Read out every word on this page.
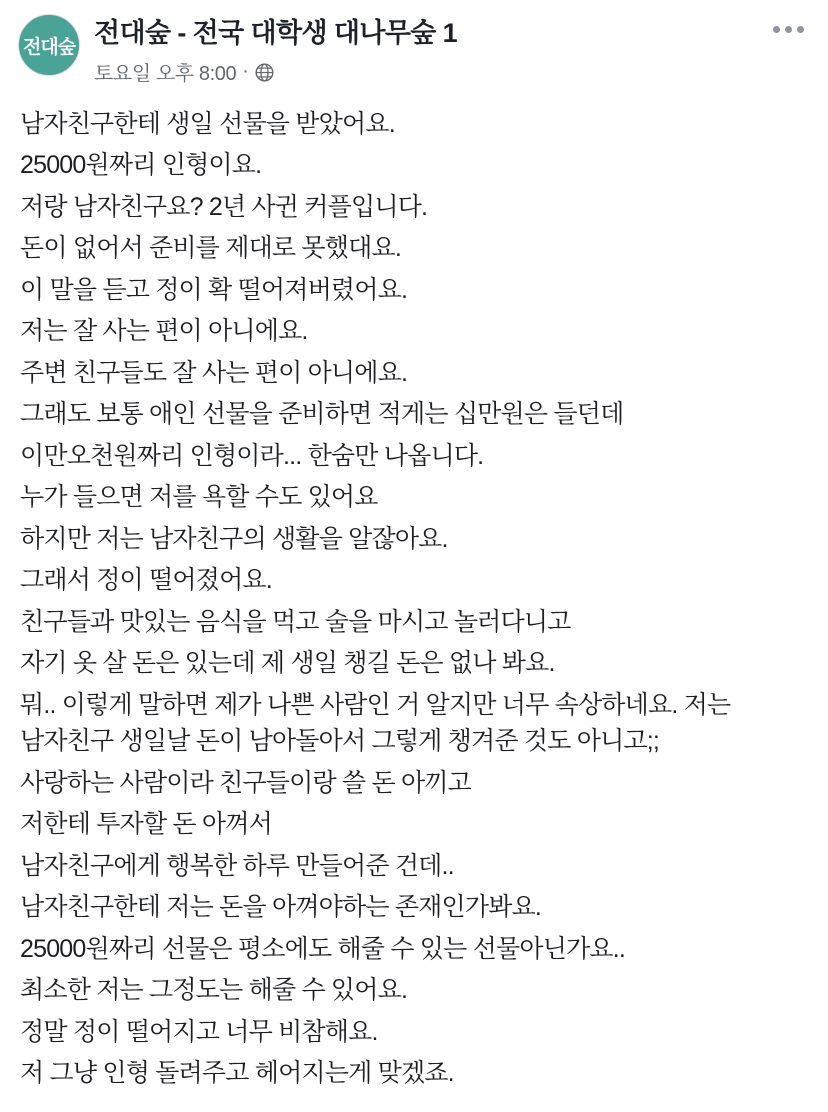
전대숲 전대숲 - 전국 대학생 대나무숲 1
토요일 오후 8:00 ·

남자친구한테 생일 선물을 받았어요.

25000원짜리 인형이요.

저랑 남자친구요? 2년 사귄 커플입니다.

돈이 없어서 준비를 제대로 못했대요.

이 말을 듣고 정이 확 떨어져버렸어요.

저는 잘 사는 편이 아니에요.

주변 친구들도 잘 사는 편이 아니에요.

그래도 보통 애인 선물을 준비하면 적게는 십만원은 들던데

이만오천원짜리 인형이라... 한숨만 나옵니다.

누가 들으면 저를 욕할 수도 있어요

하지만 저는 남자친구의 생활을 알잖아요.

그래서 정이 떨어졌어요.

친구들과 맛있는 음식을 먹고 술을 마시고 놀러다니고

자기 옷 살 돈은 있는데 제 생일 챙길 돈은 없나 봐요.

뭐.. 이렇게 말하면 제가 나쁜 사람인 거 알지만 너무 속상하네요. 저는 남자친구 생일날 돈이 남아돌아서 그렇게 챙겨준 것도 아니고;;

사랑하는 사람이라 친구들이랑 쓸 돈 아끼고

저한테 투자할 돈 아껴서

남자친구에게 행복한 하루 만들어준 건데..

남자친구한테 저는 돈을 아껴야하는 존재인가봐요.

25000원짜리 선물은 평소에도 해줄 수 있는 선물아닌가요..

최소한 저는 그정도는 해줄 수 있어요.

정말 정이 떨어지고 너무 비참해요.

저 그냥 인형 돌려주고 헤어지는게 맞겠죠.
